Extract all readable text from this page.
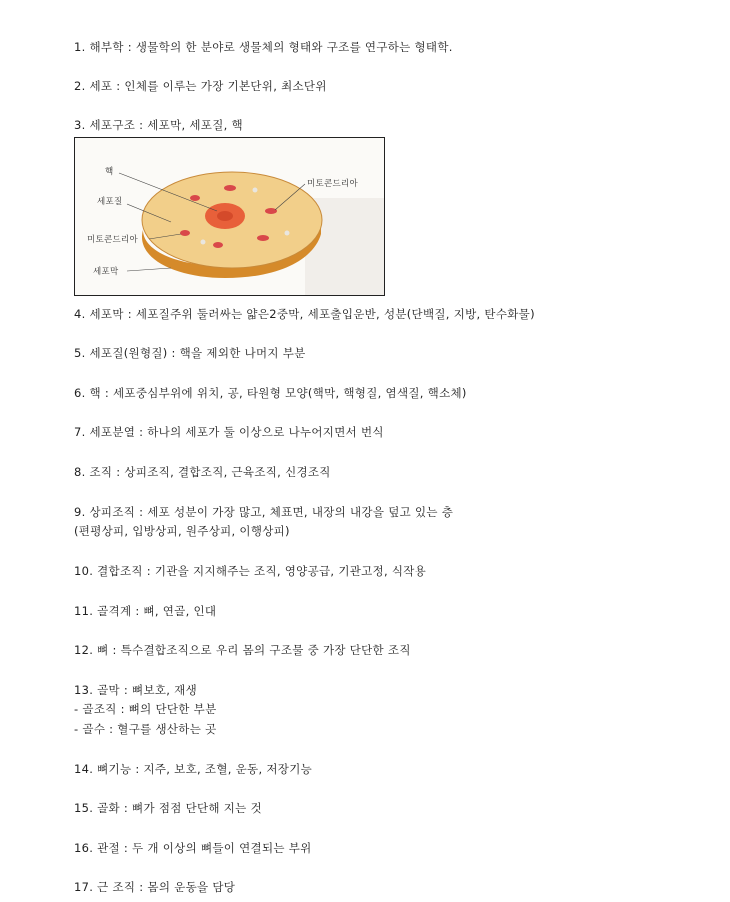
1. 해부학 : 생물학의 한 분야로 생물체의 형태와 구조를 연구하는 형태학.
2. 세포 : 인체를 이루는 가장 기본단위, 최소단위
3. 세포구조 : 세포막, 세포질, 핵
핵
세포질
미토콘드리아
세포막
미토콘드리아
4. 세포막 : 세포질주위 둘러싸는 얇은2중막, 세포출입운반, 성분(단백질, 지방, 탄수화물)
5. 세포질(원형질) : 핵을 제외한 나머지 부분
6. 핵 : 세포중심부위에 위치, 공, 타원형 모양(핵막, 핵형질, 염색질, 핵소체)
7. 세포분열 : 하나의 세포가 둘 이상으로 나누어지면서 번식
8. 조직 : 상피조직, 결합조직, 근육조직, 신경조직
9. 상피조직 : 세포 성분이 가장 많고, 체표면, 내장의 내강을 덮고 있는 층
(편평상피, 입방상피, 원주상피, 이행상피)
10. 결합조직 : 기관을 지지해주는 조직, 영양공급, 기관고정, 식작용
11. 골격계 : 뼈, 연골, 인대
12. 뼈 : 특수결합조직으로 우리 몸의 구조물 중 가장 단단한 조직
13. 골막 : 뼈보호, 재생
- 골조직 : 뼈의 단단한 부분
- 골수 : 혈구를 생산하는 곳
14. 뼈기능 : 지주, 보호, 조혈, 운동, 저장기능
15. 골화 : 뼈가 점점 단단해 지는 것
16. 관절 : 두 개 이상의 뼈들이 연결되는 부위
17. 근 조직 : 몸의 운동을 담당
